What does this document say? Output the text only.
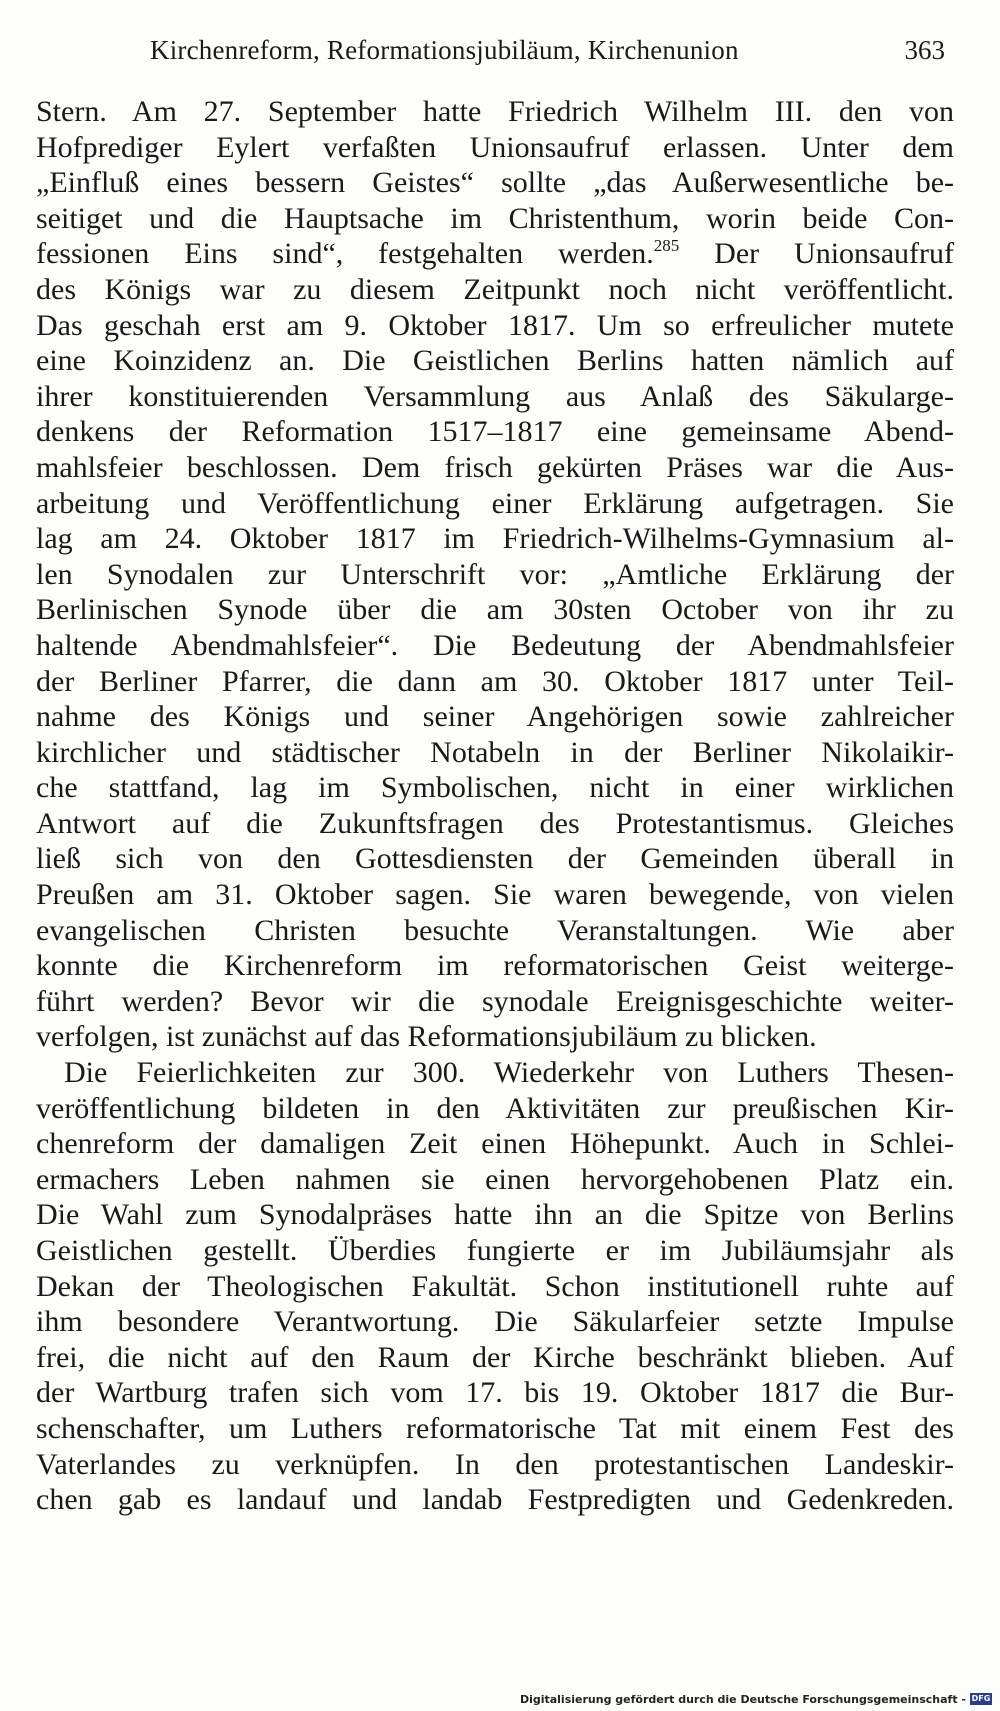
Kirchenreform, Reformationsjubiläum, Kirchenunion	363
Stern. Am 27. September hatte Friedrich Wilhelm III. den von
Hofprediger Eylert verfaßten Unionsaufruf erlassen. Unter dem
„Einfluß eines bessern Geistes“ sollte „das Außerwesentliche be-
seitiget und die Hauptsache im Christenthum, worin beide Con-
fessionen Eins sind“, festgehalten werden.$^{285}$ Der Unionsaufruf
des Königs war zu diesem Zeitpunkt noch nicht veröffentlicht.
Das geschah erst am 9. Oktober 1817. Um so erfreulicher mutete
eine Koinzidenz an. Die Geistlichen Berlins hatten nämlich auf
ihrer konstituierenden Versammlung aus Anlaß des Säkularge-
denkens der Reformation 1517–1817 eine gemeinsame Abend-
mahlsfeier beschlossen. Dem frisch gekürten Präses war die Aus-
arbeitung und Veröffentlichung einer Erklärung aufgetragen. Sie
lag am 24. Oktober 1817 im Friedrich-Wilhelms-Gymnasium al-
len Synodalen zur Unterschrift vor: „Amtliche Erklärung der
Berlinischen Synode über die am 30sten October von ihr zu
haltende Abendmahlsfeier“. Die Bedeutung der Abendmahlsfeier
der Berliner Pfarrer, die dann am 30. Oktober 1817 unter Teil-
nahme des Königs und seiner Angehörigen sowie zahlreicher
kirchlicher und städtischer Notabeln in der Berliner Nikolaikir-
che stattfand, lag im Symbolischen, nicht in einer wirklichen
Antwort auf die Zukunftsfragen des Protestantismus. Gleiches
ließ sich von den Gottesdiensten der Gemeinden überall in
Preußen am 31. Oktober sagen. Sie waren bewegende, von vielen
evangelischen Christen besuchte Veranstaltungen. Wie aber
konnte die Kirchenreform im reformatorischen Geist weiterge-
führt werden? Bevor wir die synodale Ereignisgeschichte weiter-
verfolgen, ist zunächst auf das Reformationsjubiläum zu blicken.
Die Feierlichkeiten zur 300. Wiederkehr von Luthers Thesen-
veröffentlichung bildeten in den Aktivitäten zur preußischen Kir-
chenreform der damaligen Zeit einen Höhepunkt. Auch in Schlei-
ermachers Leben nahmen sie einen hervorgehobenen Platz ein.
Die Wahl zum Synodalpräses hatte ihn an die Spitze von Berlins
Geistlichen gestellt. Überdies fungierte er im Jubiläumsjahr als
Dekan der Theologischen Fakultät. Schon institutionell ruhte auf
ihm besondere Verantwortung. Die Säkularfeier setzte Impulse
frei, die nicht auf den Raum der Kirche beschränkt blieben. Auf
der Wartburg trafen sich vom 17. bis 19. Oktober 1817 die Bur-
schenschafter, um Luthers reformatorische Tat mit einem Fest des
Vaterlandes zu verknüpfen. In den protestantischen Landeskir-
chen gab es landauf und landab Festpredigten und Gedenkreden.
Digitalisierung gefördert durch die Deutsche Forschungsgemeinschaft - DFG
